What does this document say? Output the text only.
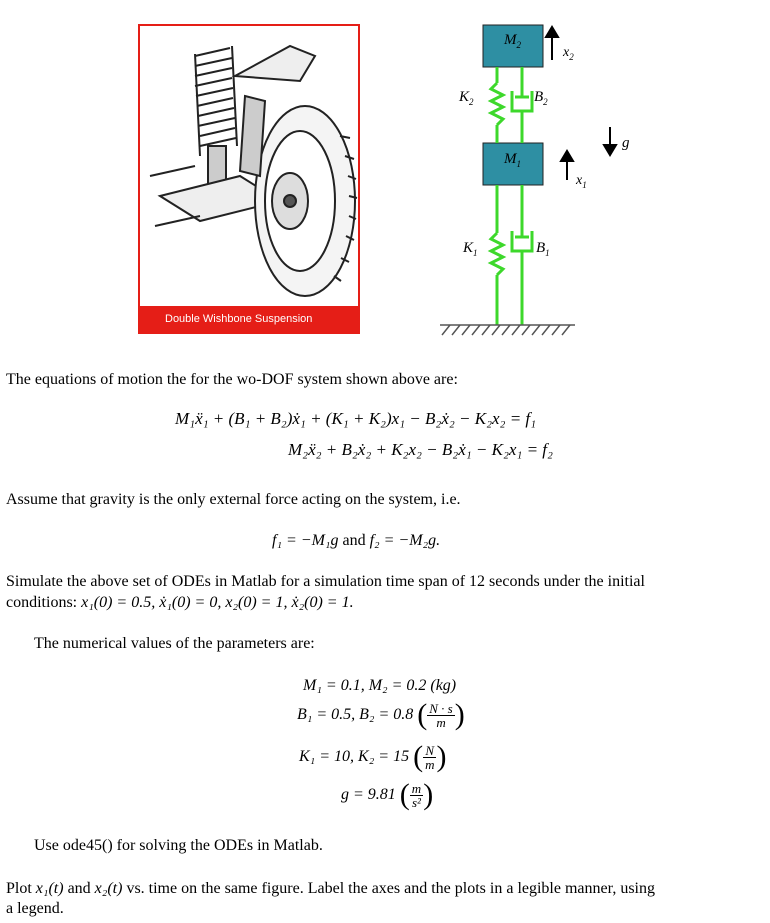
Double Wishbone Suspension
$M_2$
$M_1$
$K_2$	$B_2$
$K_1$	$B_1$
$x_2$
$x_1$
g
The equations of motion the for the wo-DOF system shown above are:
M₁ẍ₁ + (B₁ + B₂)ẋ₁ + (K₁ + K₂)x₁ − B₂ẋ₂ − K₂x₂ = f₁
M₂ẍ₂ + B₂ẋ₂ + K₂x₂ − B₂ẋ₁ − K₂x₁ = f₂
Assume that gravity is the only external force acting on the system, i.e.
f₁ = −M₁g and f₂ = −M₂g.
Simulate the above set of ODEs in Matlab for a simulation time span of 12 seconds under the initial
conditions: x₁(0) = 0.5, ẋ₁(0) = 0, x₂(0) = 1, ẋ₂(0) = 1.
The numerical values of the parameters are:
M₁ = 0.1, M₂ = 0.2 (kg)
B₁ = 0.5, B₂ = 0.8 ( $\frac{N \cdot s}{m}$ )
K₁ = 10, K₂ = 15 ( $\frac{N}{m}$ )
g = 9.81 ( $\frac{m}{\text{s²}}$ )
Use ode45() for solving the ODEs in Matlab.
Plot x₁(t) and x₂(t) vs. time on the same figure. Label the axes and the plots in a legible manner, using
a legend.
